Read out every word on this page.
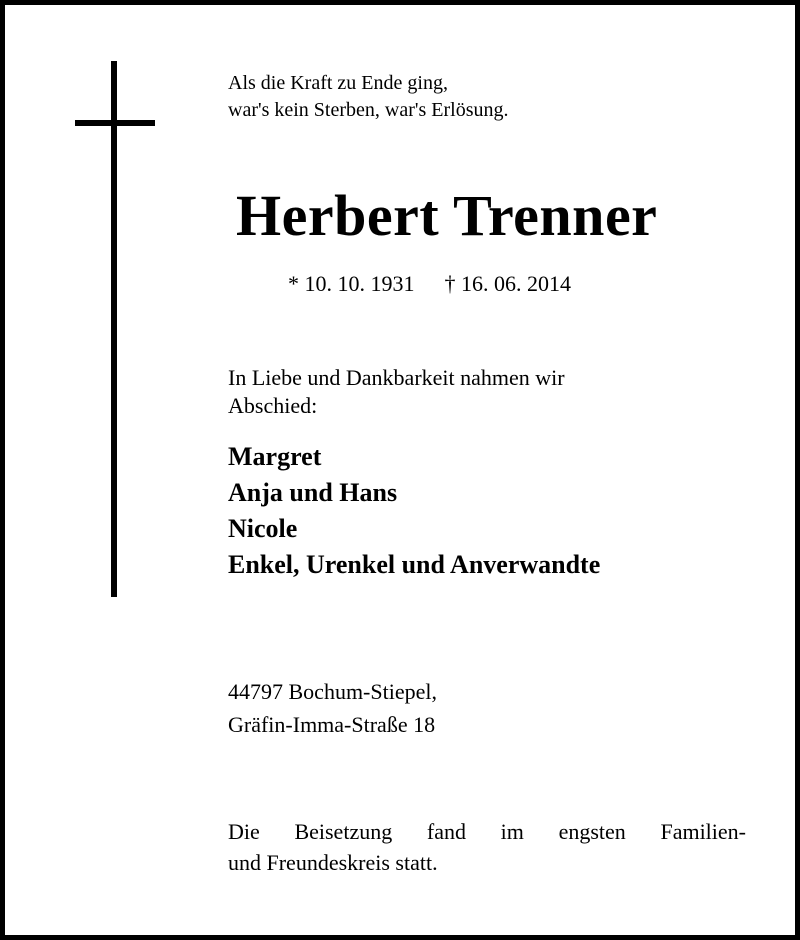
Als die Kraft zu Ende ging,
war's kein Sterben, war's Erlösung.
Herbert Trenner
* 10. 10. 1931 † 16. 06. 2014
In Liebe und Dankbarkeit nahmen wir
Abschied:
Margret
Anja und Hans
Nicole
Enkel, Urenkel und Anverwandte
44797 Bochum-Stiepel,
Gräfin-Imma-Straße 18
Die Beisetzung fand im engsten Familien-
und Freundeskreis statt.
